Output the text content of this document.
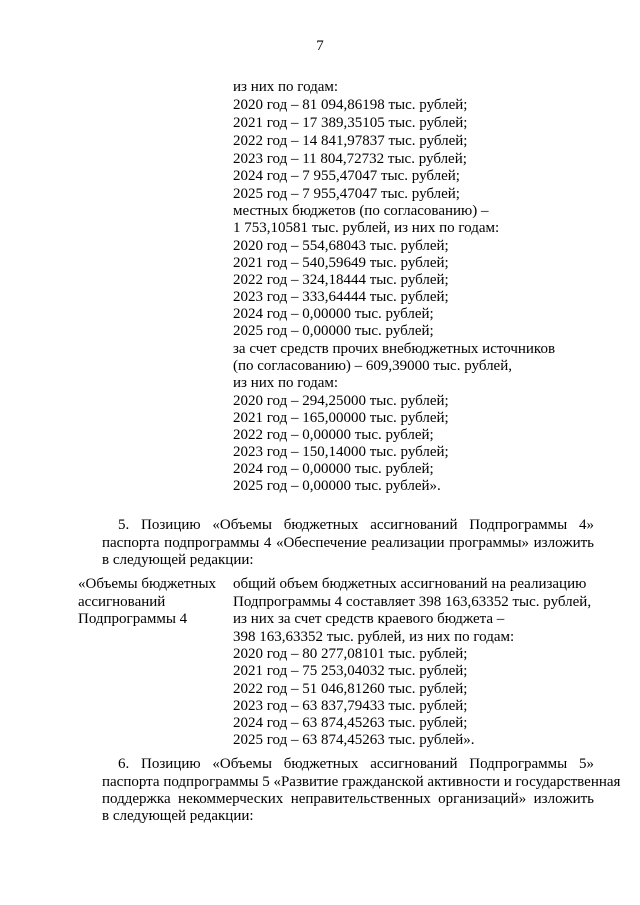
7
из них по годам:
2020 год – 81 094,86198 тыс. рублей;
2021 год – 17 389,35105 тыс. рублей;
2022 год – 14 841,97837 тыс. рублей;
2023 год – 11 804,72732 тыс. рублей;
2024 год – 7 955,47047 тыс. рублей;
2025 год – 7 955,47047 тыс. рублей;
местных бюджетов (по согласованию) –
1 753,10581 тыс. рублей, из них по годам:
2020 год – 554,68043 тыс. рублей;
2021 год – 540,59649 тыс. рублей;
2022 год – 324,18444 тыс. рублей;
2023 год – 333,64444 тыс. рублей;
2024 год – 0,00000 тыс. рублей;
2025 год – 0,00000 тыс. рублей;
за счет средств прочих внебюджетных источников
(по согласованию) – 609,39000 тыс. рублей,
из них по годам:
2020 год – 294,25000 тыс. рублей;
2021 год – 165,00000 тыс. рублей;
2022 год – 0,00000 тыс. рублей;
2023 год – 150,14000 тыс. рублей;
2024 год – 0,00000 тыс. рублей;
2025 год – 0,00000 тыс. рублей».
5. Позицию «Объемы бюджетных ассигнований Подпрограммы 4»
паспорта подпрограммы 4 «Обеспечение реализации программы» изложить
в следующей редакции:
«Объемы бюджетных
ассигнований
Подпрограммы 4
общий объем бюджетных ассигнований на реализацию
Подпрограммы 4 составляет 398 163,63352 тыс. рублей,
из них за счет средств краевого бюджета –
398 163,63352 тыс. рублей, из них по годам:
2020 год – 80 277,08101 тыс. рублей;
2021 год – 75 253,04032 тыс. рублей;
2022 год – 51 046,81260 тыс. рублей;
2023 год – 63 837,79433 тыс. рублей;
2024 год – 63 874,45263 тыс. рублей;
2025 год – 63 874,45263 тыс. рублей».
6. Позицию «Объемы бюджетных ассигнований Подпрограммы 5»
паспорта подпрограммы 5 «Развитие гражданской активности и государственная
поддержка некоммерческих неправительственных организаций» изложить
в следующей редакции:
